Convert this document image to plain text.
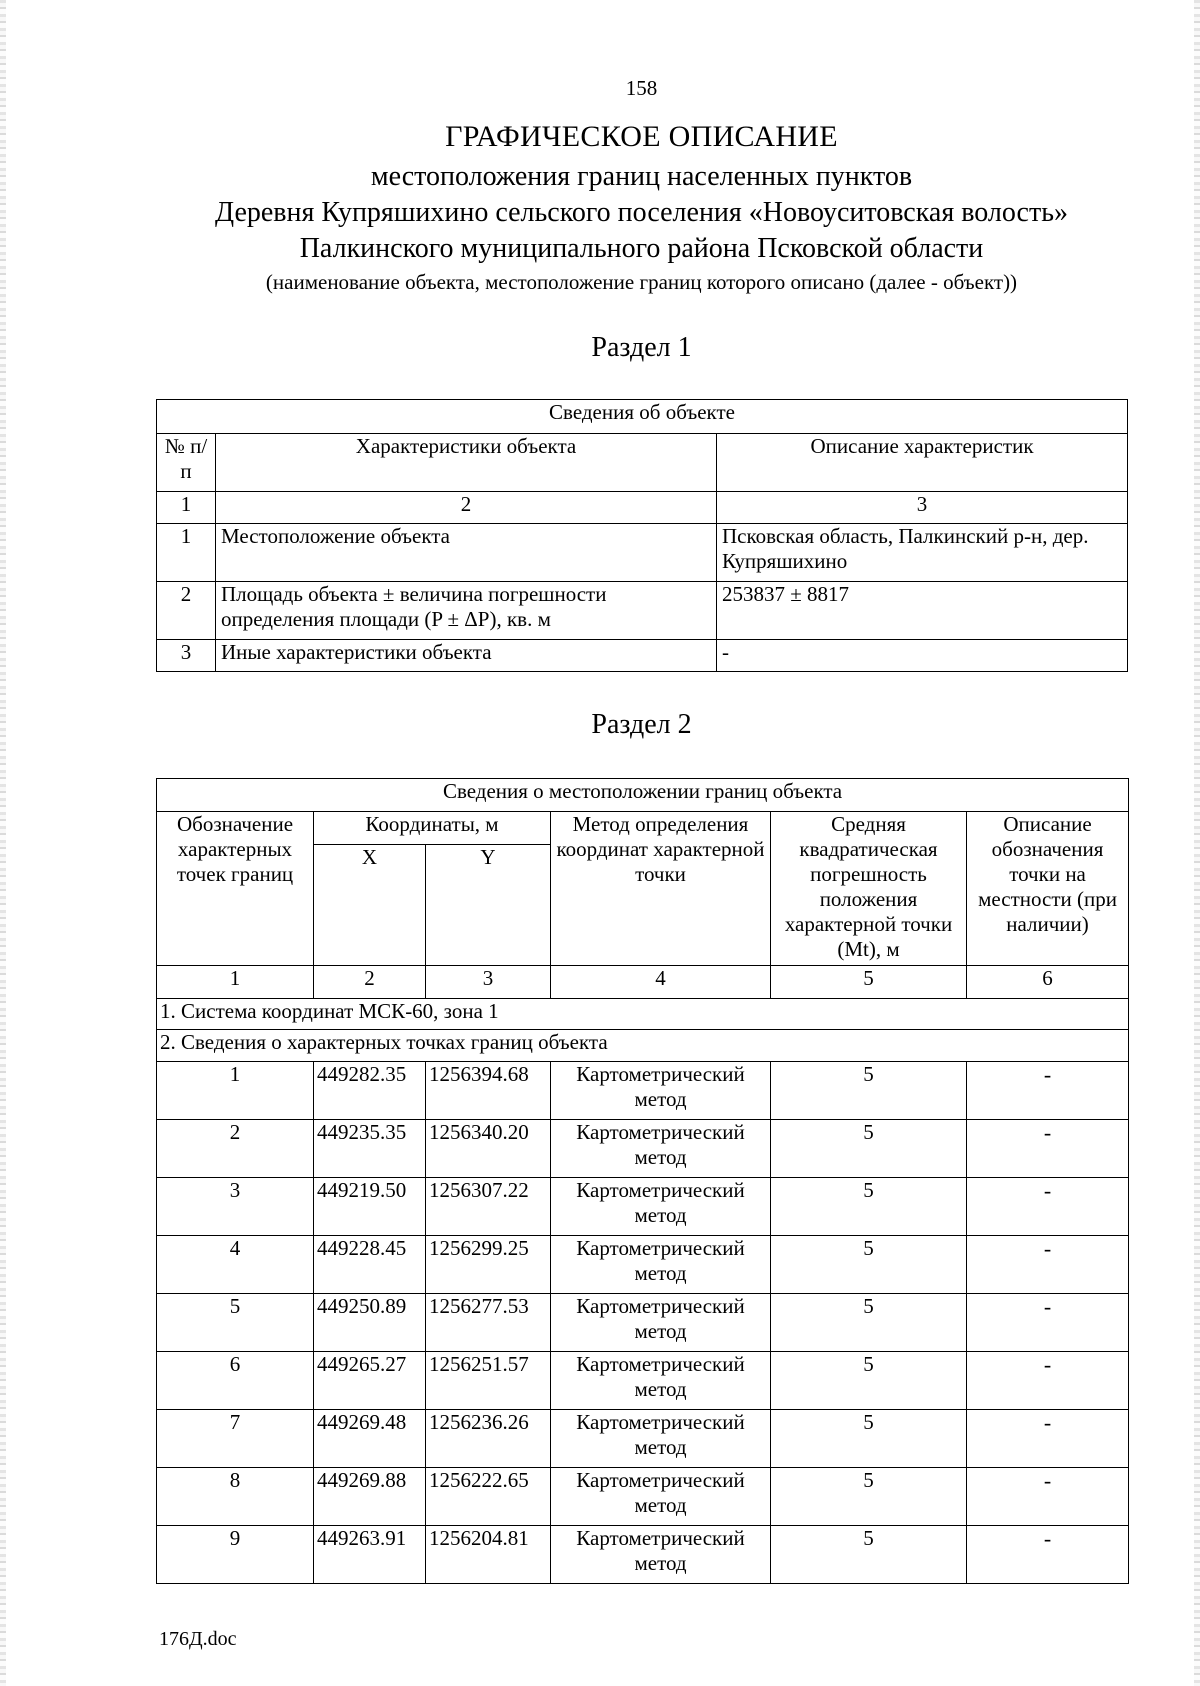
158
ГРАФИЧЕСКОЕ ОПИСАНИЕ
местоположения границ населенных пунктов
Деревня Купряшихино сельского поселения «Новоуситовская волость»
Палкинского муниципального района Псковской области
(наименование объекта, местоположение границ которого описано (далее - объект))
Раздел 1
Сведения об объекте		
№ п/п	Характеристики объекта	Описание характеристик
1	2	3
1	Местоположение объекта	Псковская область, Палкинский р-н, дер. Купряшихино
2	Площадь объекта ± величина погрешности определения площади (P ± ΔP), кв. м	253837 ± 8817
3	Иные характеристики объекта	-
Раздел 2
Сведения о местоположении границ объекта					
Обозначение характерных точек границ	Координаты, м		Метод определения координат характерной точки	Средняя квадратическая погрешность положения характерной точки (Mt), м	Описание обозначения точки на местности (при наличии)
	X	Y			
1	2	3	4	5	6
1. Система координат МСК-60, зона 1					
2. Сведения о характерных точках границ объекта					
1	449282.35	1256394.68	Картометрический метод	5	-
2	449235.35	1256340.20	Картометрический метод	5	-
3	449219.50	1256307.22	Картометрический метод	5	-
4	449228.45	1256299.25	Картометрический метод	5	-
5	449250.89	1256277.53	Картометрический метод	5	-
6	449265.27	1256251.57	Картометрический метод	5	-
7	449269.48	1256236.26	Картометрический метод	5	-
8	449269.88	1256222.65	Картометрический метод	5	-
9	449263.91	1256204.81	Картометрический метод	5	-
176Д.doc
